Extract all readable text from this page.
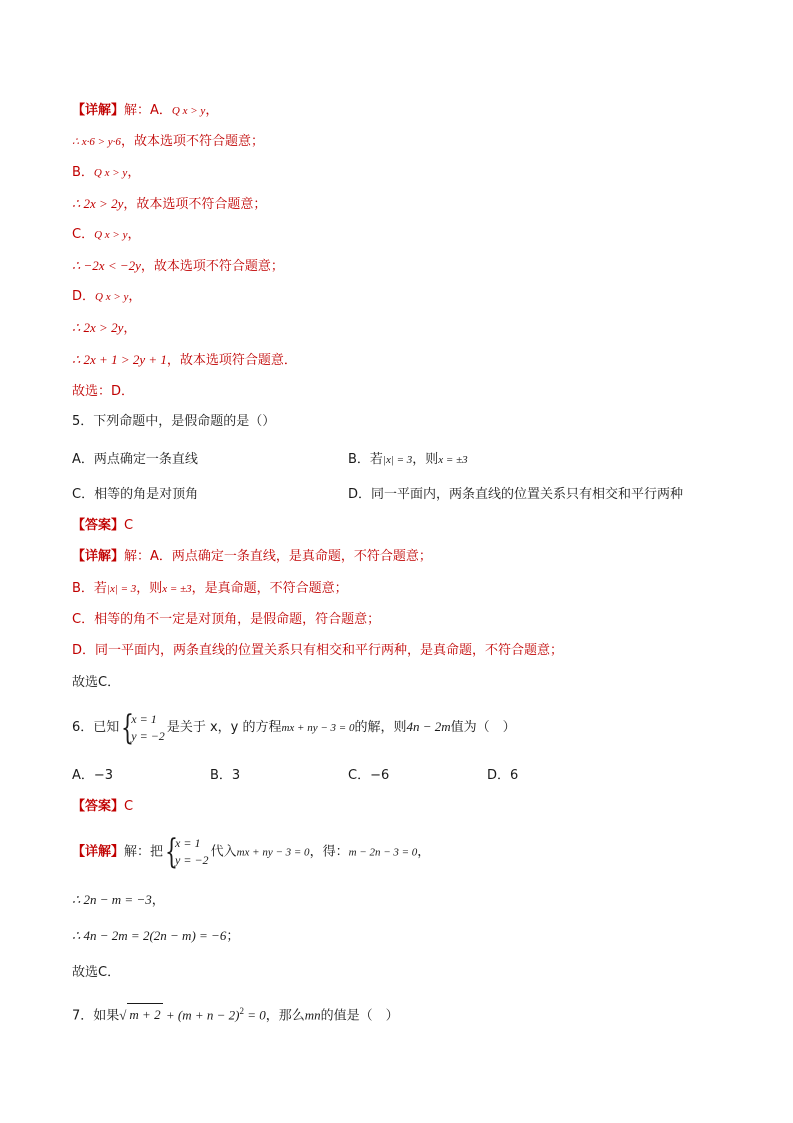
【详解】解：A．Q x > y，
∴ x·6 > y·6，故本选项不符合题意；
B．Q x > y，
∴ 2x > 2y，故本选项不符合题意；
C．Q x > y，
∴ −2x < −2y，故本选项不符合题意；
D．Q x > y，
∴ 2x > 2y，
∴ 2x + 1 > 2y + 1，故本选项符合题意．
故选：D．
5．下列命题中，是假命题的是（）
A．两点确定一条直线	B．若|x| = 3，则x = ±3
C．相等的角是对顶角	D．同一平面内，两条直线的位置关系只有相交和平行两种
【答案】C
【详解】解：A．两点确定一条直线，是真命题，不符合题意；
B．若|x| = 3，则x = ±3，是真命题，不符合题意；
C．相等的角不一定是对顶角，是假命题，符合题意；
D．同一平面内，两条直线的位置关系只有相交和平行两种，是真命题，不符合题意；
故选C．
6．已知 {
x = 1
y = −2
是关于 x，y 的方程mx + ny − 3 = 0的解，则4n − 2m值为（　）
A．−3	B．3	C．−6	D．6
【答案】C
【详解】解：把 {
x = 1
y = −2
代入mx + ny − 3 = 0，得：m − 2n − 3 = 0，
∴ 2n − m = −3，
∴ 4n − 2m = 2(2n − m) = −6；
故选C．
7．如果√ $m + 2 + (m + n - 2)^2 = 0$，那么mn的值是（　）
